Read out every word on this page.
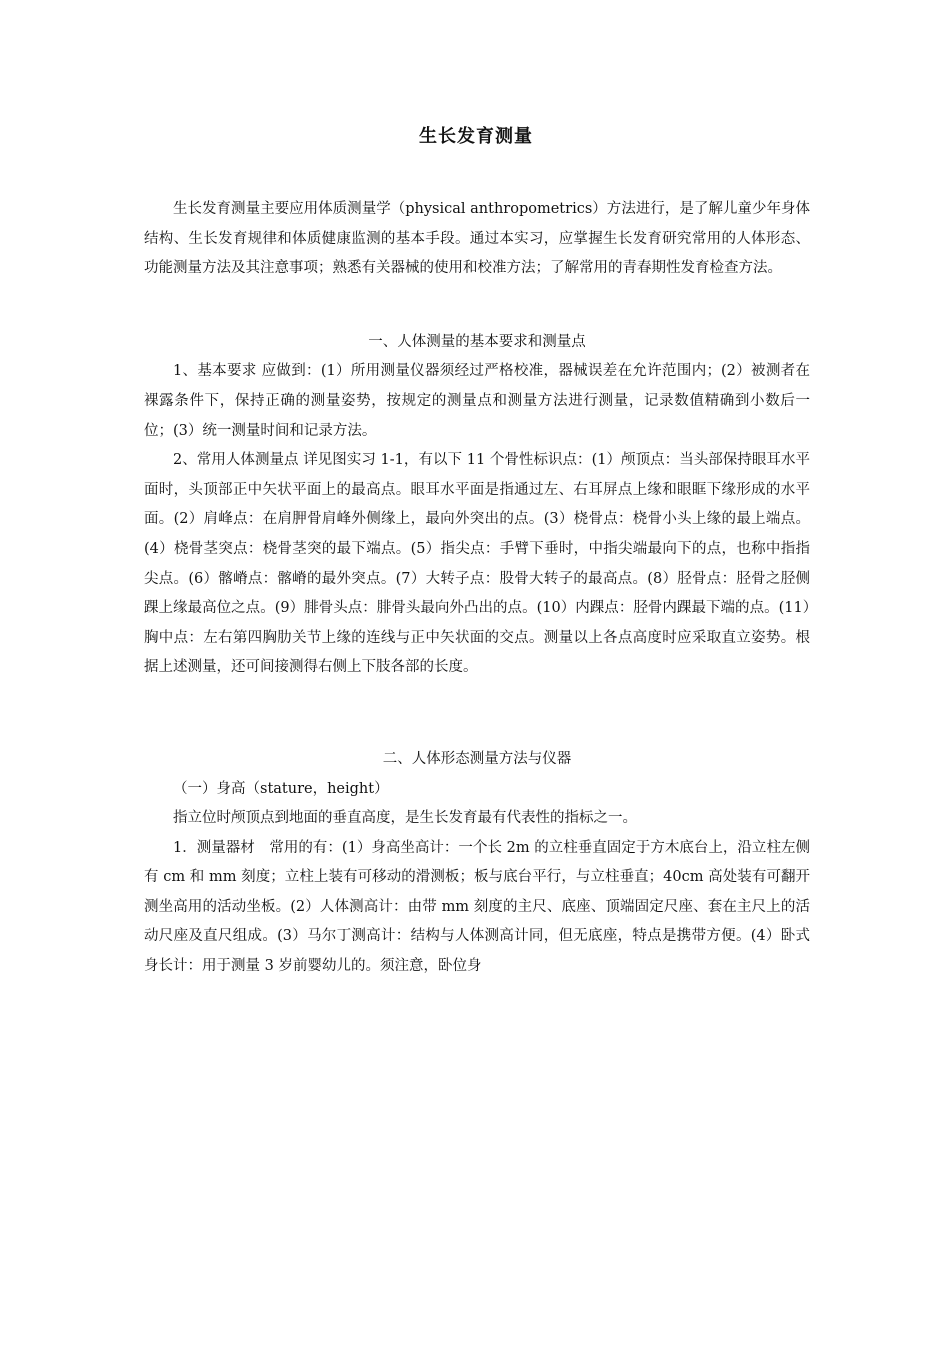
生长发育测量

生长发育测量主要应用体质测量学（physical anthropometrics）方法进行，是了解儿童少年身体结构、生长发育规律和体质健康监测的基本手段。通过本实习，应掌握生长发育研究常用的人体形态、功能测量方法及其注意事项；熟悉有关器械的使用和校准方法；了解常用的青春期性发育检查方法。

一、人体测量的基本要求和测量点

1、基本要求 应做到：(1）所用测量仪器须经过严格校准，器械误差在允许范围内；(2）被测者在裸露条件下，保持正确的测量姿势，按规定的测量点和测量方法进行测量，记录数值精确到小数后一位；(3）统一测量时间和记录方法。

2、常用人体测量点 详见图实习 1-1，有以下 11 个骨性标识点：(1）颅顶点：当头部保持眼耳水平面时，头顶部正中矢状平面上的最高点。眼耳水平面是指通过左、右耳屏点上缘和眼眶下缘形成的水平面。(2）肩峰点：在肩胛骨肩峰外侧缘上，最向外突出的点。(3）桡骨点：桡骨小头上缘的最上端点。(4）桡骨茎突点：桡骨茎突的最下端点。(5）指尖点：手臂下垂时，中指尖端最向下的点，也称中指指尖点。(6）髂嵴点：髂嵴的最外突点。(7）大转子点：股骨大转子的最高点。(8）胫骨点：胫骨之胫侧踝上缘最高位之点。(9）腓骨头点：腓骨头最向外凸出的点。(10）内踝点：胫骨内踝最下端的点。(11）胸中点：左右第四胸肋关节上缘的连线与正中矢状面的交点。测量以上各点高度时应采取直立姿势。根据上述测量，还可间接测得右侧上下肢各部的长度。

二、人体形态测量方法与仪器

（一）身高（stature，height）

指立位时颅顶点到地面的垂直高度，是生长发育最有代表性的指标之一。

1．测量器材　常用的有：(1）身高坐高计：一个长 2m 的立柱垂直固定于方木底台上，沿立柱左侧有 cm 和 mm 刻度；立柱上装有可移动的滑测板；板与底台平行，与立柱垂直；40cm 高处装有可翻开测坐高用的活动坐板。(2）人体测高计：由带 mm 刻度的主尺、底座、顶端固定尺座、套在主尺上的活动尺座及直尺组成。(3）马尔丁测高计：结构与人体测高计同，但无底座，特点是携带方便。(4）卧式身长计：用于测量 3 岁前婴幼儿的。须注意，卧位身
